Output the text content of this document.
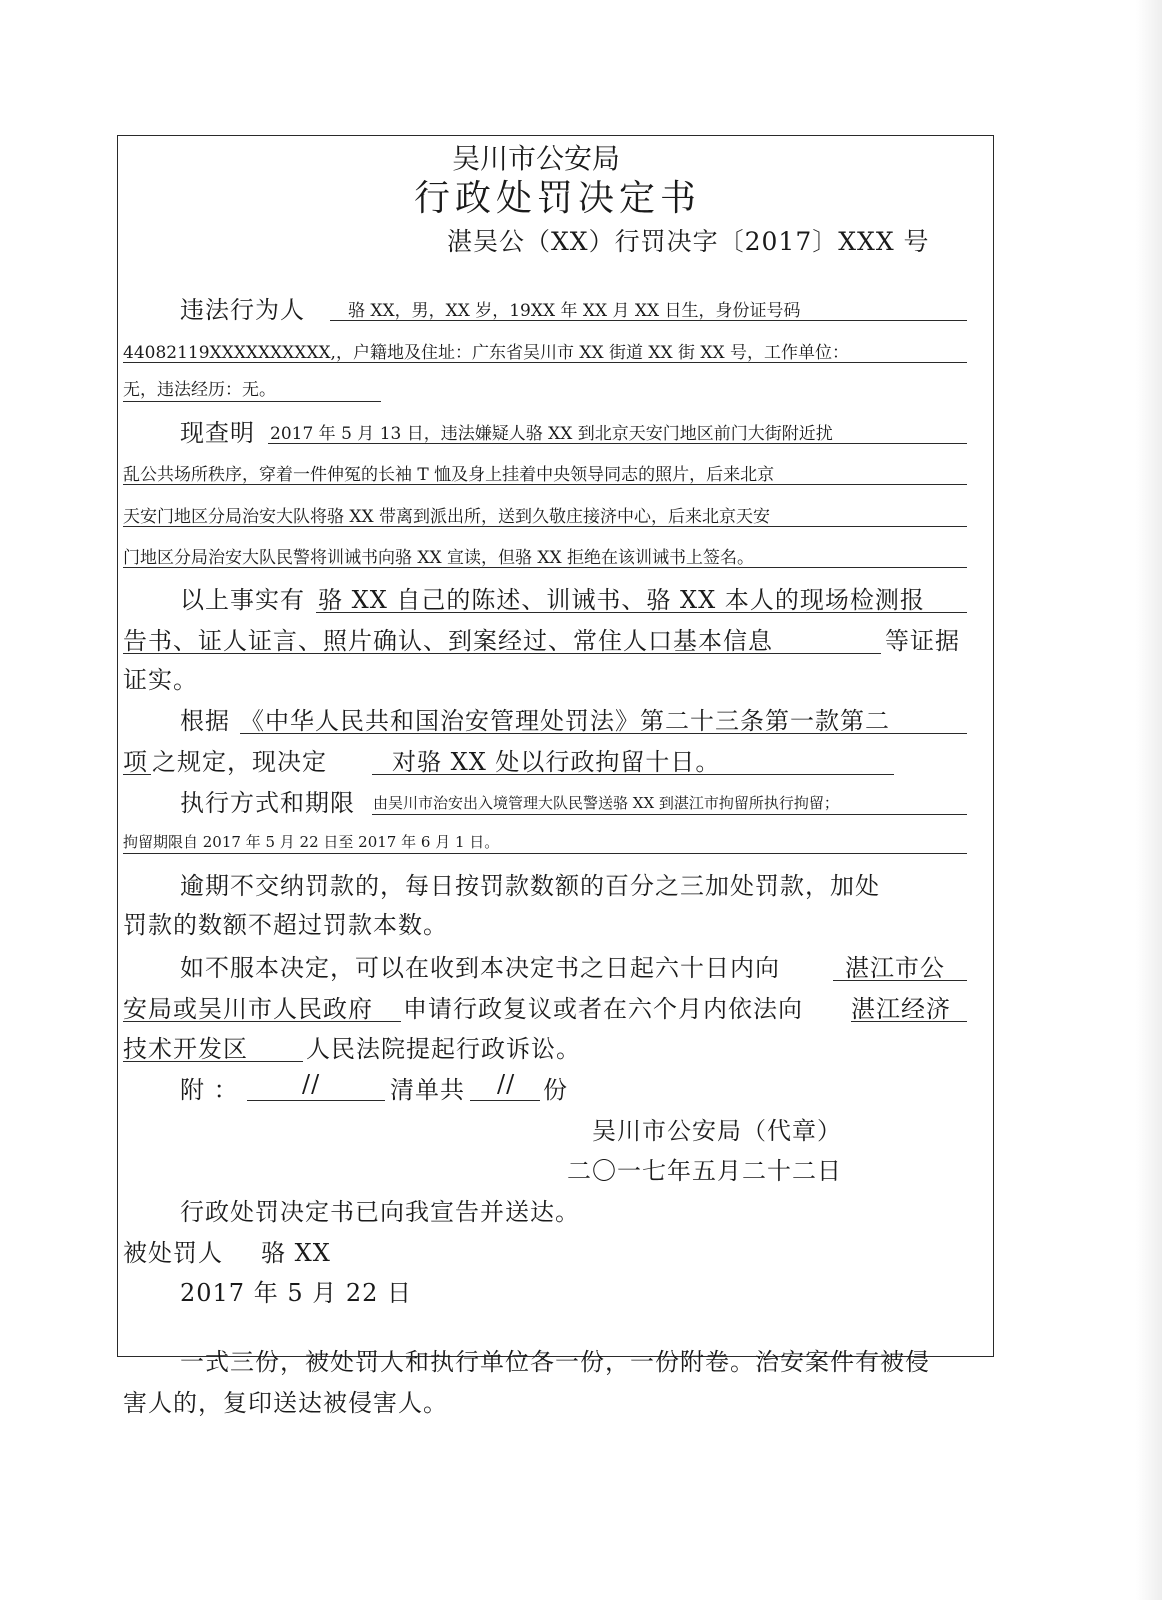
吴川市公安局
行政处罚决定书
湛吴公（XX）行罚决字〔2017〕XXX 号
违法行为人	骆 XX，男，XX 岁，19XX 年 XX 月 XX 日生，身份证号码
44082119XXXXXXXXXX,，户籍地及住址：广东省吴川市 XX 街道 XX 街 XX 号，工作单位：
无，违法经历：无。
现查明 2017 年 5 月 13 日，违法嫌疑人骆 XX 到北京天安门地区前门大街附近扰
乱公共场所秩序，穿着一件伸冤的长袖 T 恤及身上挂着中央领导同志的照片，后来北京
天安门地区分局治安大队将骆 XX 带离到派出所，送到久敬庄接济中心，后来北京天安
门地区分局治安大队民警将训诫书向骆 XX 宣读，但骆 XX 拒绝在该训诫书上签名。
以上事实有 骆 XX 自己的陈述、训诫书、骆 XX 本人的现场检测报
告书、证人证言、照片确认、到案经过、常住人口基本信息	等证据
证实。
根据 《中华人民共和国治安管理处罚法》第二十三条第一款第二
项 之规定，现决定	对骆 XX 处以行政拘留十日。
执行方式和期限 由吴川市治安出入境管理大队民警送骆 XX 到湛江市拘留所执行拘留；
拘留期限自 2017 年 5 月 22 日至 2017 年 6 月 1 日。
逾期不交纳罚款的，每日按罚款数额的百分之三加处罚款，加处
罚款的数额不超过罚款本数。
如不服本决定，可以在收到本决定书之日起六十日内向	湛江市公
安局或吴川市人民政府 申请行政复议或者在六个月内依法向 湛江经济
技术开发区 人民法院提起行政诉讼。
附 ：	//	清单共 // 份
吴川市公安局（代章）
二〇一七年五月二十二日
行政处罚决定书已向我宣告并送达。
被处罚人 骆 XX
2017 年 5 月 22 日
一式三份，被处罚人和执行单位各一份，一份附卷。治安案件有被侵
害人的，复印送达被侵害人。
